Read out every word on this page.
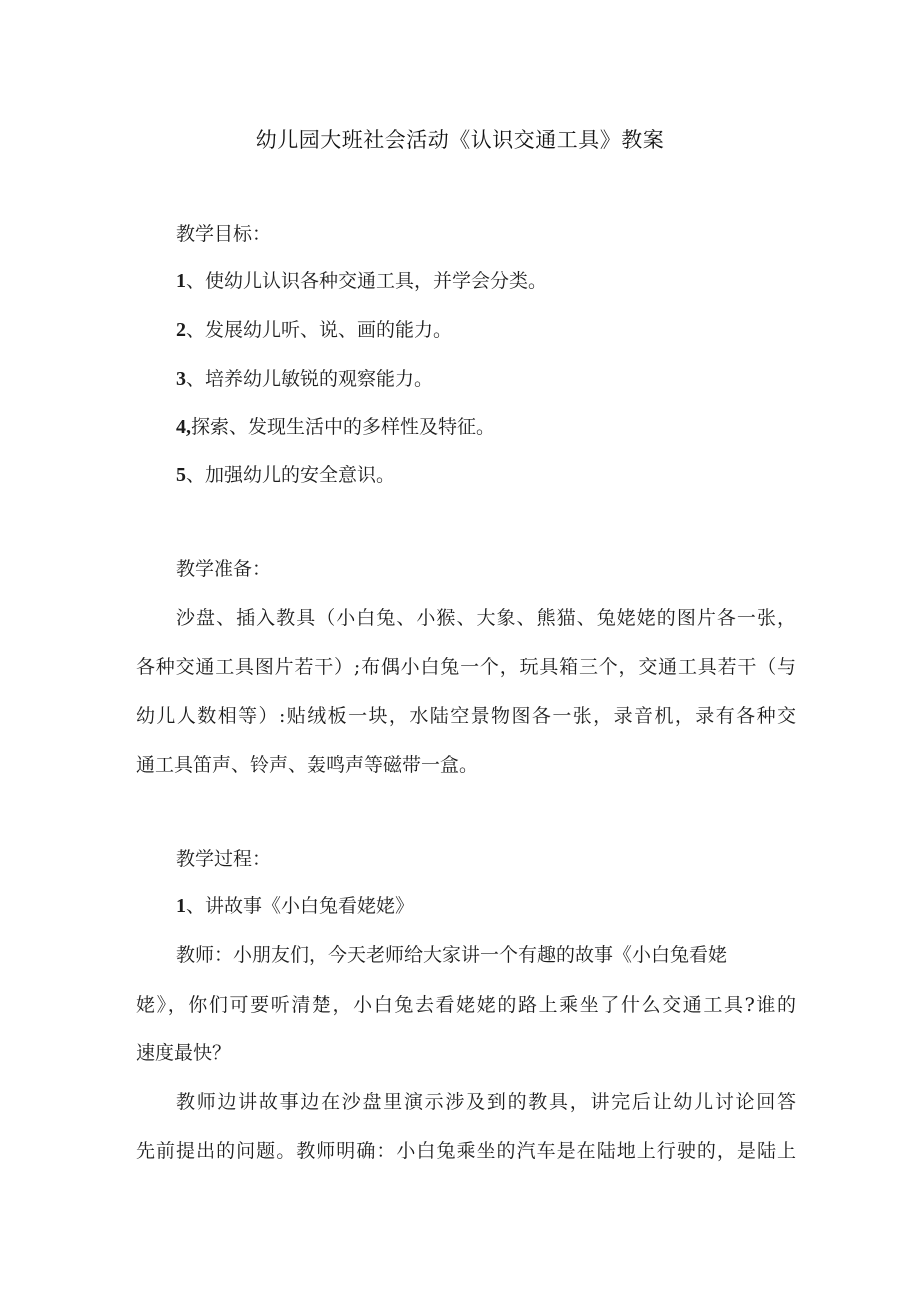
幼儿园大班社会活动《认识交通工具》教案
教学目标：
1、使幼儿认识各种交通工具，并学会分类。
2、发展幼儿听、说、画的能力。
3、培养幼儿敏锐的观察能力。
4,探索、发现生活中的多样性及特征。
5、加强幼儿的安全意识。
教学准备：
沙盘、插入教具（小白兔、小猴、大象、熊猫、兔姥姥的图片各一张，
各种交通工具图片若干）;布偶小白兔一个，玩具箱三个，交通工具若干（与
幼儿人数相等）:贴绒板一块，水陆空景物图各一张，录音机，录有各种交
通工具笛声、铃声、轰鸣声等磁带一盒。
教学过程：
1、讲故事《小白兔看姥姥》
教师：小朋友们，今天老师给大家讲一个有趣的故事《小白兔看姥
姥》，你们可要听清楚，小白兔去看姥姥的路上乘坐了什么交通工具?谁的
速度最快？
教师边讲故事边在沙盘里演示涉及到的教具，讲完后让幼儿讨论回答
先前提出的问题。教师明确：小白兔乘坐的汽车是在陆地上行驶的，是陆上
